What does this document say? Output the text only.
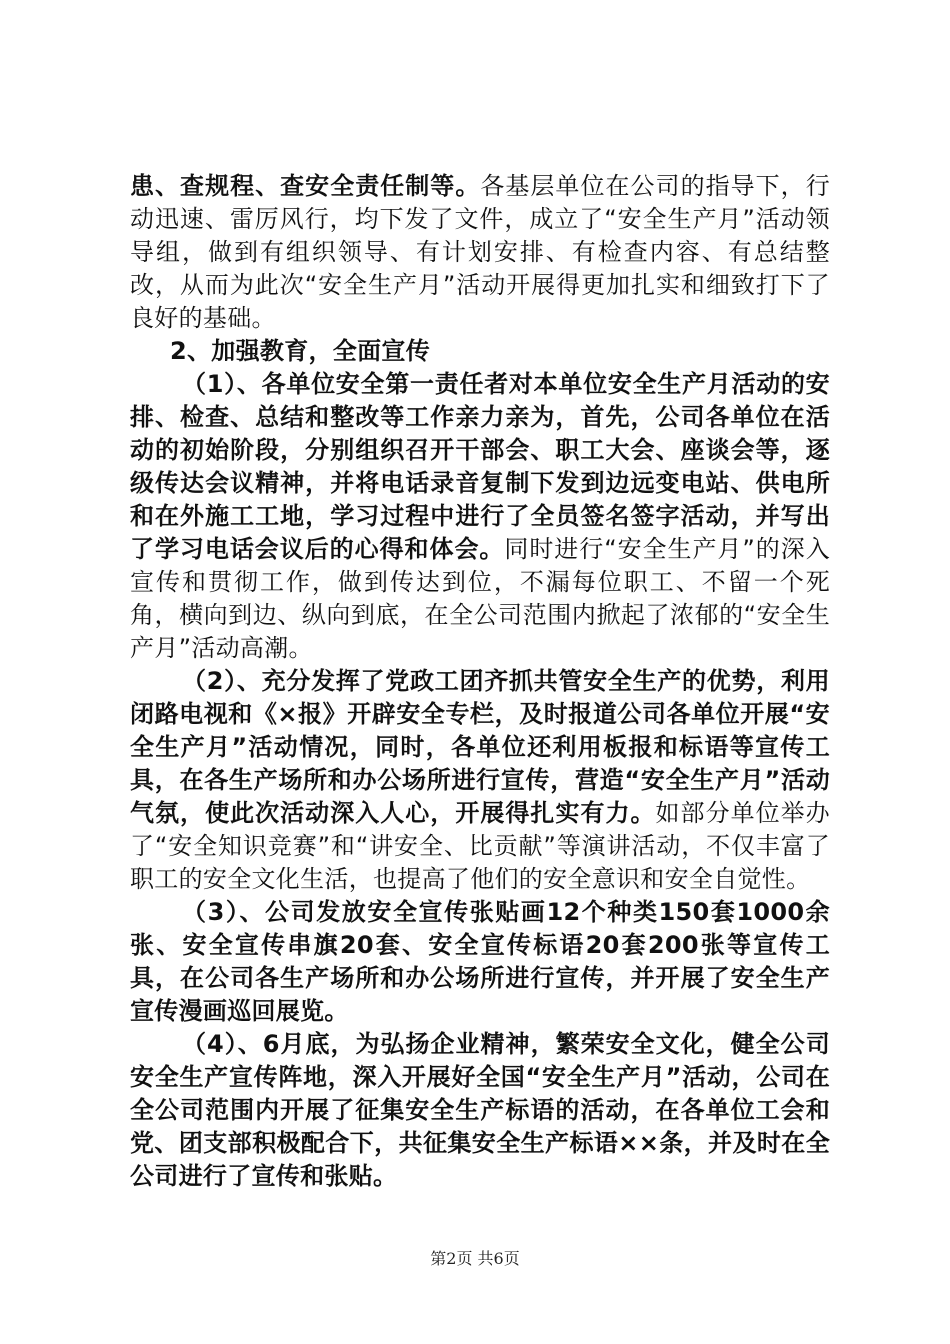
患、查规程、查安全责任制等。各基层单位在公司的指导下，行动迅速、雷厉风行，均下发了文件，成立了“安全生产月”活动领导组，做到有组织领导、有计划安排、有检查内容、有总结整改，从而为此次“安全生产月”活动开展得更加扎实和细致打下了良好的基础。

2、加强教育，全面宣传

（1）、各单位安全第一责任者对本单位安全生产月活动的安排、检查、总结和整改等工作亲力亲为，首先，公司各单位在活动的初始阶段，分别组织召开干部会、职工大会、座谈会等，逐级传达会议精神，并将电话录音复制下发到边远变电站、供电所和在外施工工地，学习过程中进行了全员签名签字活动，并写出了学习电话会议后的心得和体会。同时进行“安全生产月”的深入宣传和贯彻工作，做到传达到位，不漏每位职工、不留一个死角，横向到边、纵向到底，在全公司范围内掀起了浓郁的“安全生产月”活动高潮。

（2）、充分发挥了党政工团齐抓共管安全生产的优势，利用闭路电视和《×报》开辟安全专栏，及时报道公司各单位开展“安全生产月”活动情况，同时，各单位还利用板报和标语等宣传工具，在各生产场所和办公场所进行宣传，营造“安全生产月”活动气氛，使此次活动深入人心，开展得扎实有力。如部分单位举办了“安全知识竞赛”和“讲安全、比贡献”等演讲活动，不仅丰富了职工的安全文化生活，也提高了他们的安全意识和安全自觉性。

（3）、公司发放安全宣传张贴画12个种类150套1000余张、安全宣传串旗20套、安全宣传标语20套200张等宣传工具，在公司各生产场所和办公场所进行宣传，并开展了安全生产宣传漫画巡回展览。

（4）、6月底，为弘扬企业精神，繁荣安全文化，健全公司安全生产宣传阵地，深入开展好全国“安全生产月”活动，公司在全公司范围内开展了征集安全生产标语的活动，在各单位工会和党、团支部积极配合下，共征集安全生产标语××条，并及时在全公司进行了宣传和张贴。

第2页 共6页
